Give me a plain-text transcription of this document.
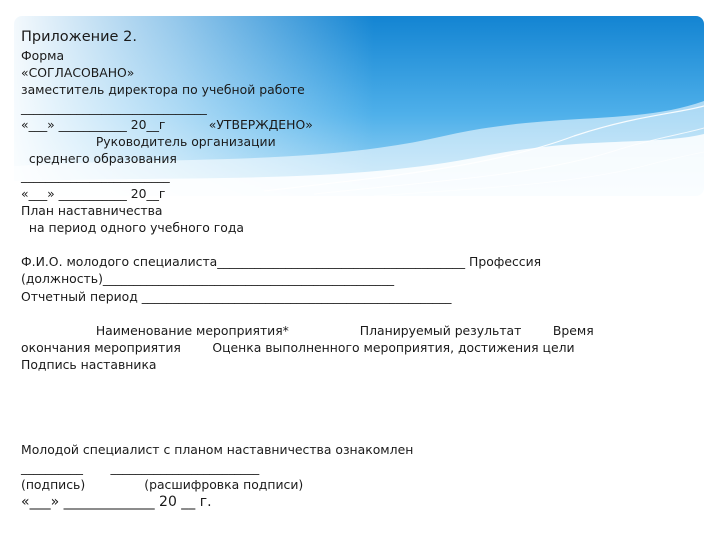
Приложение 2.

Форма

«СОГЛАСОВАНО»

заместитель директора по учебной работе

______________________________

«___» ___________ 20__г           «УТВЕРЖДЕНО»

Руководитель организации

среднего образования

________________________

«___» ___________ 20__г

План наставничества

на период одного учебного года

Ф.И.О. молодого специалиста________________________________________ Профессия

(должность)_______________________________________________

Отчетный период __________________________________________________

Наименование мероприятия*                  Планируемый результат        Время

окончания мероприятия        Оценка выполненного мероприятия, достижения цели

Подпись наставника

Молодой специалист с планом наставничества ознакомлен

__________       ________________________

(подпись)               (расшифровка подписи)

«___» _____________ 20 __ г.
